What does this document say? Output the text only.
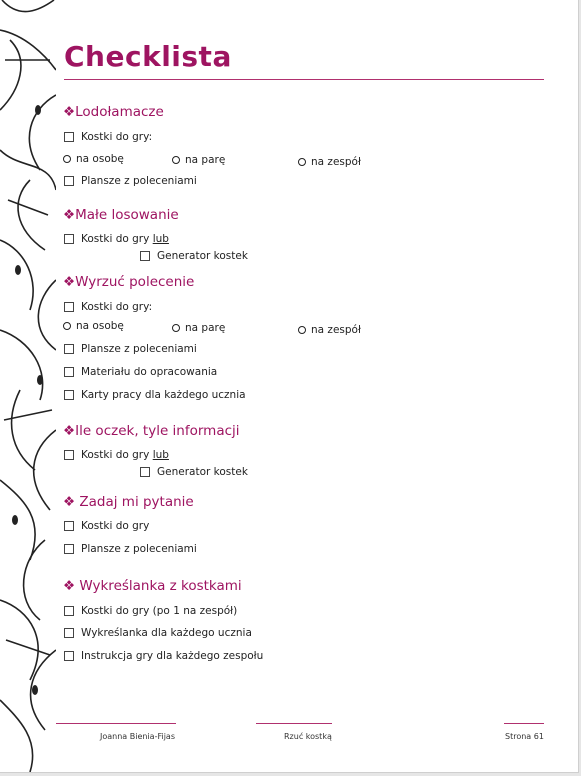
Checklista
❖Lodołamacze
Kostki do gry:
na osobę	na parę	na zespół
Plansze z poleceniami
❖Małe losowanie
Kostki do gry
lub
Generator kostek
❖Wyrzuć polecenie
Kostki do gry:
na osobę	na parę	na zespół
Plansze z poleceniami
Materiału do opracowania
Karty pracy dla każdego ucznia
❖Ile oczek, tyle informacji
Kostki do gry
lub
Generator kostek
❖ Zadaj mi pytanie
Kostki do gry
Plansze z poleceniami
❖ Wykreślanka z kostkami
Kostki do gry (po 1 na zespół)
Wykreślanka dla każdego ucznia
Instrukcja gry dla każdego zespołu
Joanna Bienia-Fijas	Rzuć kostką	Strona 61
